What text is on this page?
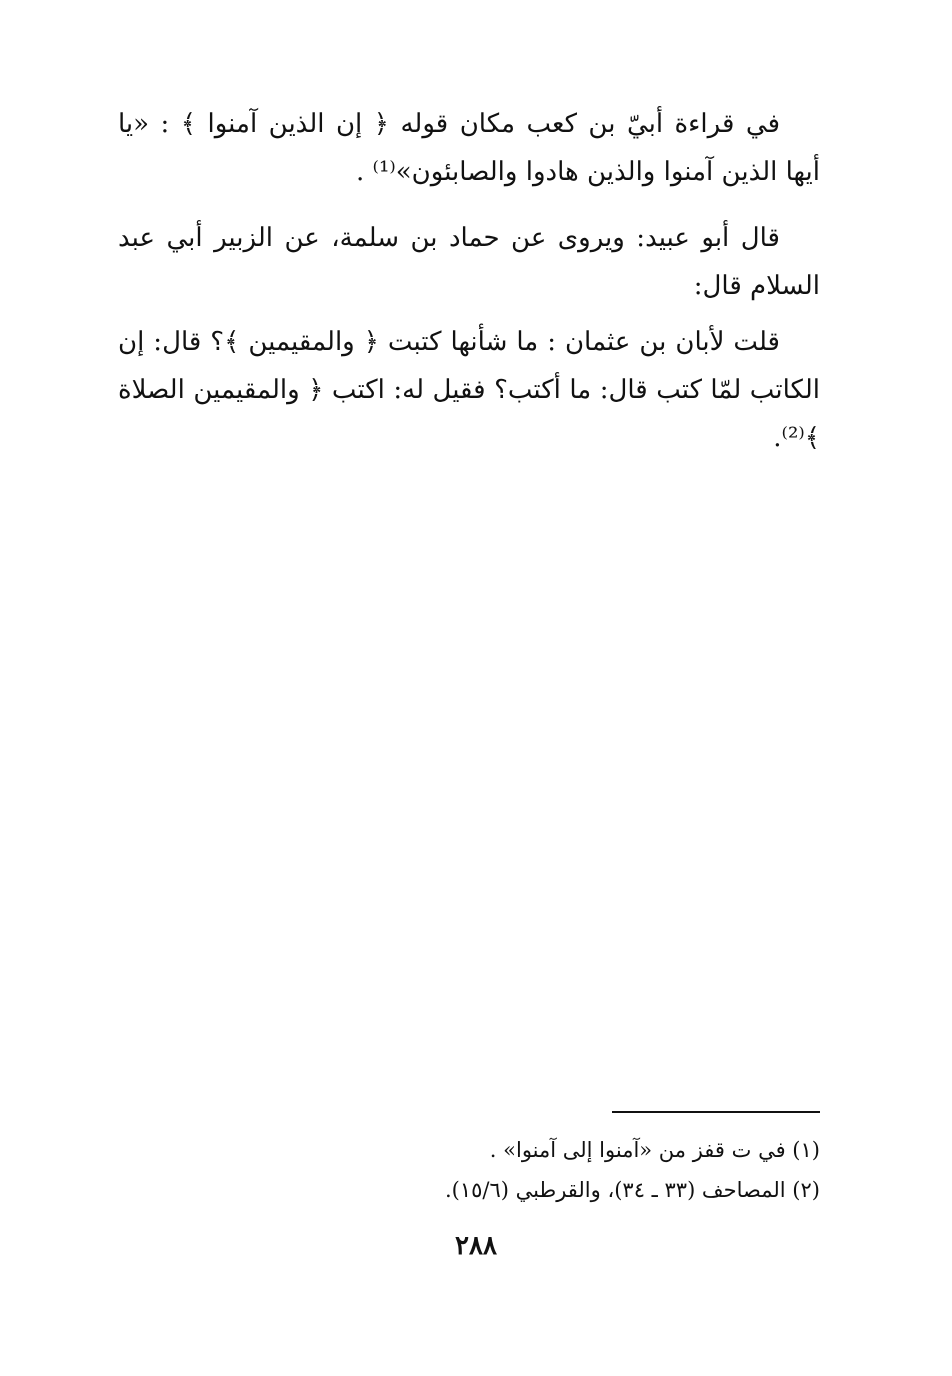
في قراءة أبيّ بن كعب مكان قوله ﴿ إن الذين آمنوا ﴾ : «يا أيها الذين آمنوا والذين هادوا والصابئون»⁽¹⁾ .

قال أبو عبيد: ويروى عن حماد بن سلمة، عن الزبير أبي عبد السلام قال:

قلت لأبان بن عثمان : ما شأنها كتبت ﴿ والمقيمين ﴾؟ قال: إن الكاتب لمّا كتب قال: ما أكتب؟ فقيل له: اكتب ﴿ والمقيمين الصلاة ﴾⁽²⁾.

(١) في ت قفز من «آمنوا إلى آمنوا» .

(٢) المصاحف (٣٣ ـ ٣٤)، والقرطبي (١٥/٦).

٢٨٨
